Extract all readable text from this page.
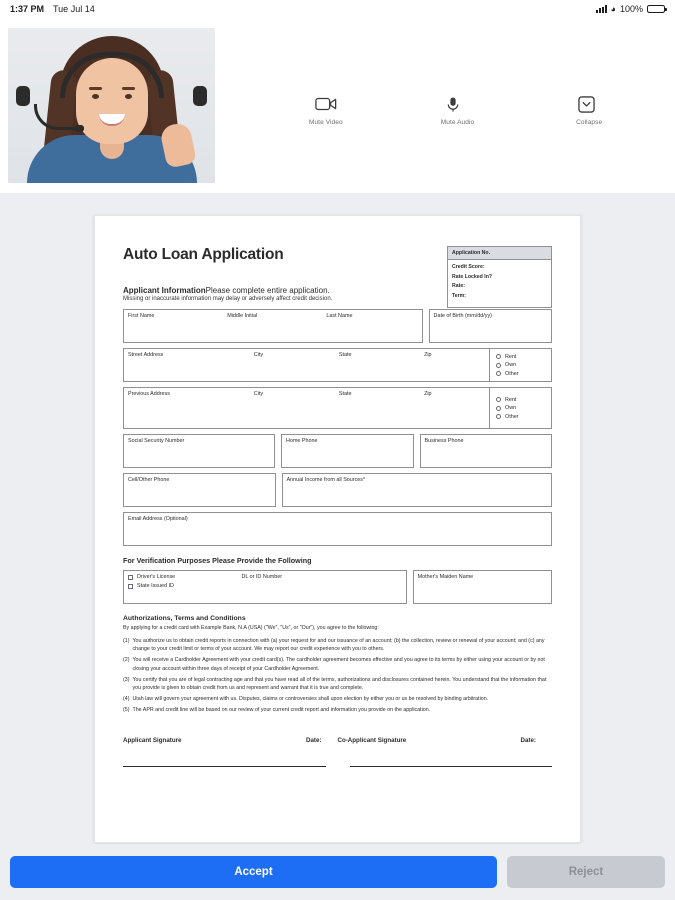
1:37 PM Tue Jul 14	◕ 100%
Mute Video	Mute Audio	Collapse
Auto Loan Application	Application No.
Credit Score:
Rate Locked In?
Rate:
Term:
Applicant InformationPlease complete entire application.
Missing or inaccurate information may delay or adversely affect credit decision.
First Name	Middle Initial	Last Name	Date of Birth (mm/dd/yy)
Street Address	City	State	Zip	Rent
Own
Other
Previous Address	City	State	Zip
Rent
Own
Other
Social Security Number	Home Phone	Business Phone
Cell/Other Phone	Annual Income from all Sources*
Email Address (Optional)
For Verification Purposes Please Provide the Following
Driver's License
State Issued ID
DL or ID Number	Mother's Maiden Name
Authorizations, Terms and Conditions
By applying for a credit card with Example Bank, N.A (USA) ("We", "Us", or "Our"), you agree to the following:
(1) You authorize us to obtain credit reports in connection with (a) your request for and our issuance of an account; (b) the collection, review or renewal of your account; and (c) any change to your credit limit or terms of your account. We may report our credit experience with you to others.
(2) You will receive a Cardholder Agreement with your credit card(s). The cardholder agreement becomes effective and you agree to its terms by either using your account or by not closing your account within three days of receipt of your Cardholder Agreement.
(3) You certify that you are of legal contracting age and that you have read all of the terms, authorizations and disclosures contained herein. You understand that the information that you provide is given to obtain credit from us and represent and warrant that it is true and complete.
(4) Utah law will govern your agreement with us. Disputes, claims or controversies shall upon election by either you or us be resolved by binding arbitration.
(5) The APR and credit line will be based on our review of your current credit report and information you provide on the application.
Applicant Signature	Date:	Co-Applicant Signature	Date:
Accept	Reject
